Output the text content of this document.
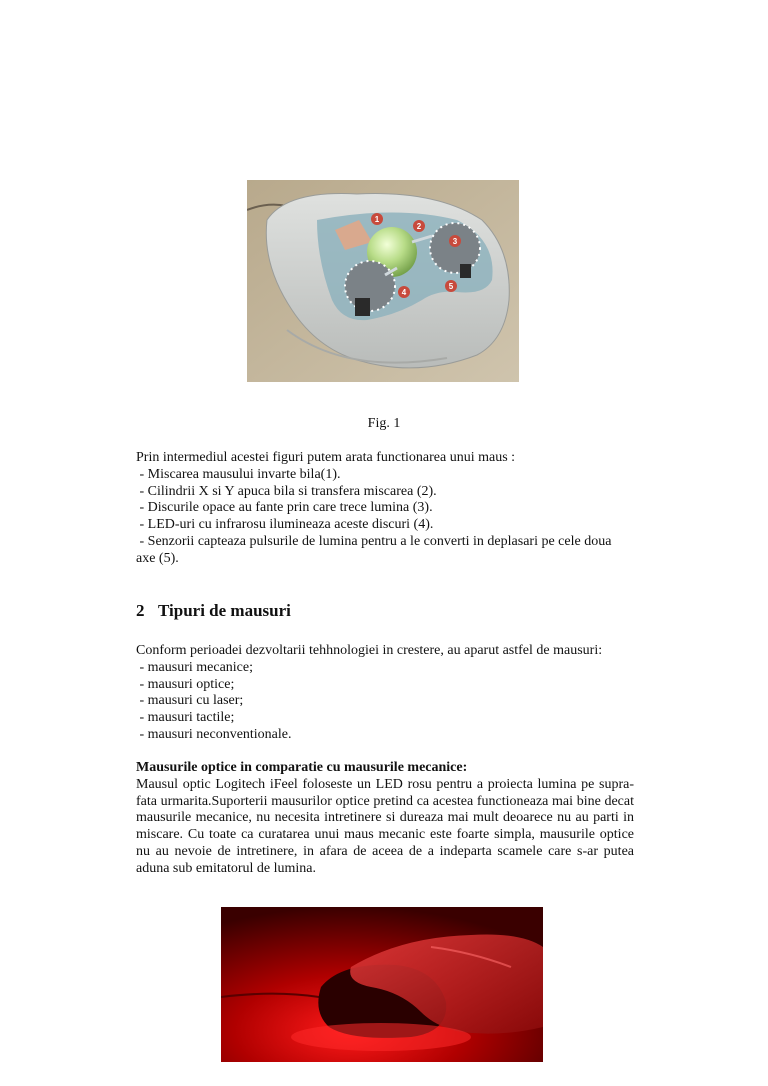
1
2
3
4
5
Fig. 1

Prin intermediul acestei figuri putem arata functionarea unui maus :

- Miscarea mausului invarte bila(1).
- Cilindrii X si Y apuca bila si transfera miscarea (2).
- Discurile opace au fante prin care trece lumina (3).
- LED-uri cu infrarosu ilumineaza aceste discuri (4).
- Senzorii capteaza pulsurile de lumina pentru a le converti in deplasari pe cele doua axe (5).
2 Tipuri de mausuri

Conform perioadei dezvoltarii tehhnologiei in crestere, au aparut astfel de mausuri:

- mausuri mecanice;
- mausuri optice;
- mausuri cu laser;
- mausuri tactile;
- mausuri neconventionale.
Mausurile optice in comparatie cu mausurile mecanice:

Mausul optic Logitech iFeel foloseste un LED rosu pentru a proiecta lumina pe supra-fata urmarita.Suporterii mausurilor optice pretind ca acestea functioneaza mai bine decat mausurile mecanice, nu necesita intretinere si dureaza mai mult deoarece nu au parti in miscare. Cu toate ca curatarea unui maus mecanic este foarte simpla, mausurile optice nu au nevoie de intretinere, in afara de aceea de a indeparta scamele care s-ar putea aduna sub emitatorul de lumina.
